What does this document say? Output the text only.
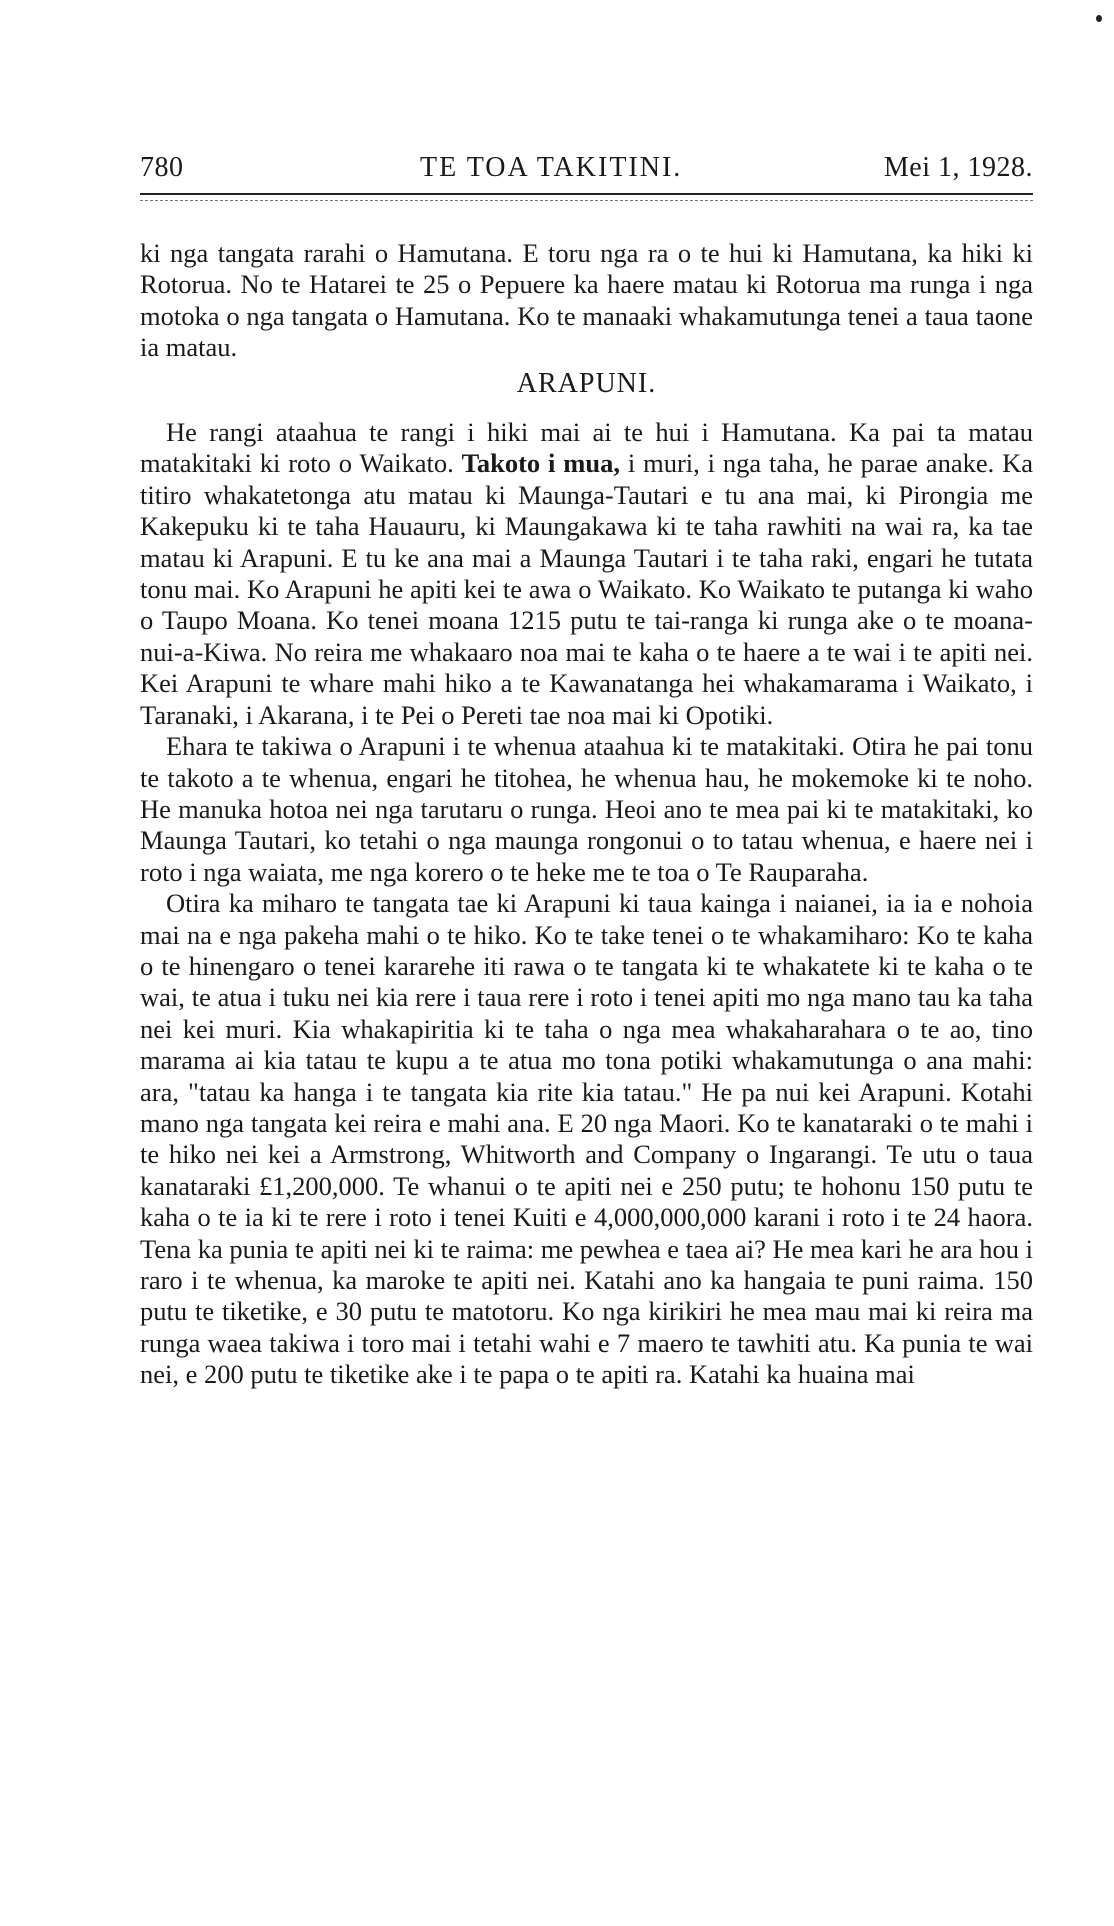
780	TE TOA TAKITINI.	Mei 1, 1928.

ki nga tangata rarahi o Hamutana. E toru nga ra o te hui ki Hamutana, ka hiki ki Rotorua. No te Hatarei te 25 o Pepuere ka haere matau ki Rotorua ma runga i nga motoka o nga tangata o Hamutana. Ko te manaaki whakamutunga tenei a taua taone ia matau.

ARAPUNI.

He rangi ataahua te rangi i hiki mai ai te hui i Hamutana. Ka pai ta matau matakitaki ki roto o Waikato. Takoto i mua, i muri, i nga taha, he parae anake. Ka titiro whakatetonga atu matau ki Maunga-Tautari e tu ana mai, ki Pirongia me Kakepuku ki te taha Hauauru, ki Maungakawa ki te taha rawhiti na wai ra, ka tae matau ki Arapuni. E tu ke ana mai a Maunga Tautari i te taha raki, engari he tutata tonu mai. Ko Arapuni he apiti kei te awa o Waikato. Ko Waikato te putanga ki waho o Taupo Moana. Ko tenei moana 1215 putu te tai-ranga ki runga ake o te moana-nui-a-Kiwa. No reira me whakaaro noa mai te kaha o te haere a te wai i te apiti nei. Kei Arapuni te whare mahi hiko a te Kawanatanga hei whakamarama i Waikato, i Taranaki, i Akarana, i te Pei o Pereti tae noa mai ki Opotiki.

Ehara te takiwa o Arapuni i te whenua ataahua ki te matakitaki. Otira he pai tonu te takoto a te whenua, engari he titohea, he whenua hau, he mokemoke ki te noho. He manuka hotoa nei nga tarutaru o runga. Heoi ano te mea pai ki te matakitaki, ko Maunga Tautari, ko tetahi o nga maunga rongonui o to tatau whenua, e haere nei i roto i nga waiata, me nga korero o te heke me te toa o Te Rauparaha.

Otira ka miharo te tangata tae ki Arapuni ki taua kainga i naianei, ia ia e nohoia mai na e nga pakeha mahi o te hiko. Ko te take tenei o te whakamiharo: Ko te kaha o te hinengaro o tenei kararehe iti rawa o te tangata ki te whakatete ki te kaha o te wai, te atua i tuku nei kia rere i taua rere i roto i tenei apiti mo nga mano tau ka taha nei kei muri. Kia whakapiritia ki te taha o nga mea whakaharahara o te ao, tino marama ai kia tatau te kupu a te atua mo tona potiki whakamutunga o ana mahi: ara, "tatau ka hanga i te tangata kia rite kia tatau." He pa nui kei Arapuni. Kotahi mano nga tangata kei reira e mahi ana. E 20 nga Maori. Ko te kanataraki o te mahi i te hiko nei kei a Armstrong, Whitworth and Company o Ingarangi. Te utu o taua kanataraki £1,200,000. Te whanui o te apiti nei e 250 putu; te hohonu 150 putu te kaha o te ia ki te rere i roto i tenei Kuiti e 4,000,000,000 karani i roto i te 24 haora. Tena ka punia te apiti nei ki te raima: me pewhea e taea ai? He mea kari he ara hou i raro i te whenua, ka maroke te apiti nei. Katahi ano ka hangaia te puni raima. 150 putu te tiketike, e 30 putu te matotoru. Ko nga kirikiri he mea mau mai ki reira ma runga waea takiwa i toro mai i tetahi wahi e 7 maero te tawhiti atu. Ka punia te wai nei, e 200 putu te tiketike ake i te papa o te apiti ra. Katahi ka huaina mai
